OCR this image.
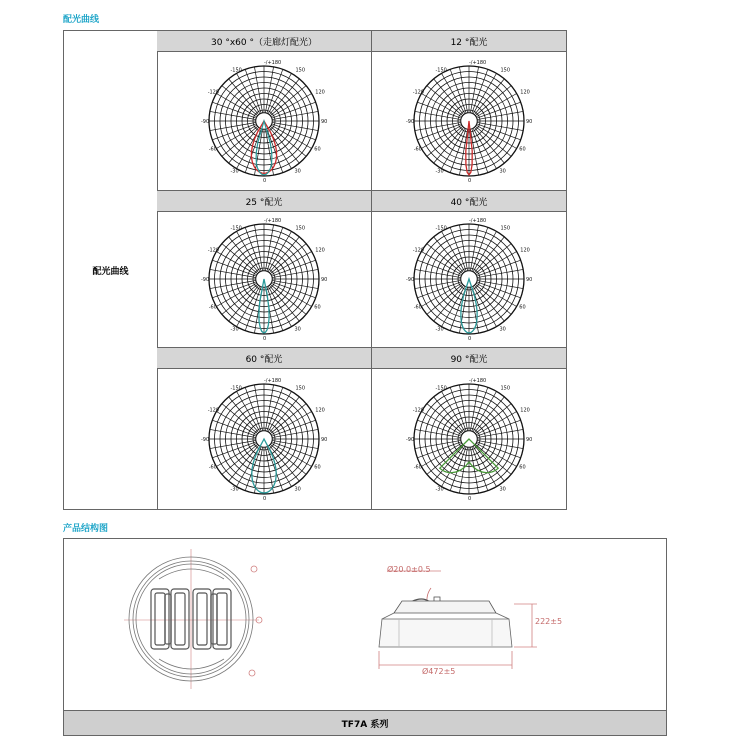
配光曲线
配光曲线
30 °x60 °（走廊灯配光）
-/+180
-150	150
-120	120
-90	90
-60	60
-30	30
0
12 °配光
-/+180
-150	150
-120	120
-90	90
-60	60
-30	30
0
25 °配光
-/+180
-150	150
-120	120
-90	90
-60	60
-30	30
0
40 °配光
-/+180
-150	150
-120	120
-90	90
-60	60
-30	30
0
60 °配光
-/+180
-150	150
-120	120
-90	90
-60	60
-30	30
0
90 °配光
-/+180
-150	150
-120	120
-90	90
-60	60
-30	30
0
产品结构图
Ø20.0±0.5
222±5
Ø472±5
TF7A 系列
